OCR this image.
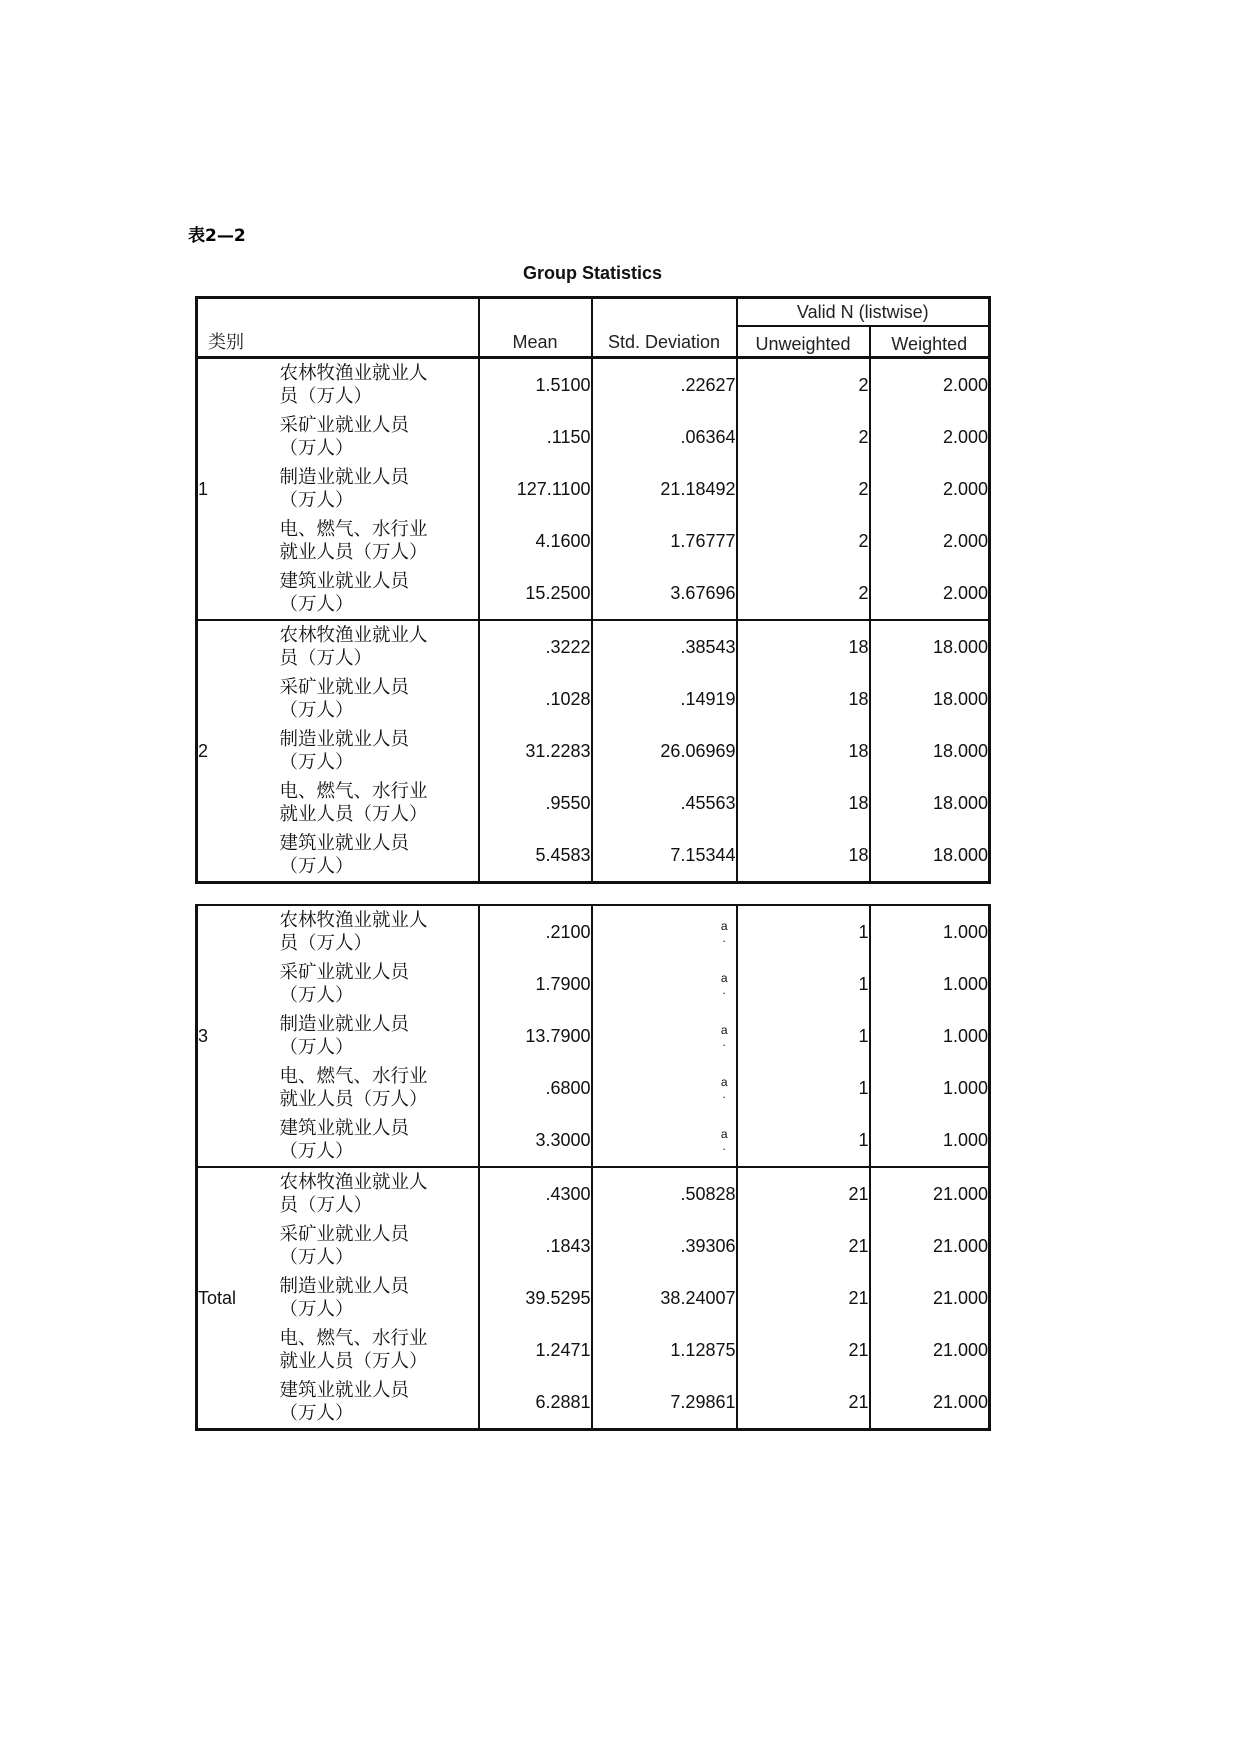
表2—2
Group Statistics
类别		Mean	Std. Deviation	Valid N (listwise)	
				Unweighted	Weighted
1	农林牧渔业就业人
员（万人）	1.5100	.22627	2	2.000

	采矿业就业人员
（万人）	.1150	.06364	2	2.000

	制造业就业人员
（万人）	127.1100	21.18492	2	2.000

	电、燃气、水行业
就业人员（万人）	4.1600	1.76777	2	2.000

	建筑业就业人员
（万人）	15.2500	3.67696	2	2.000
2	农林牧渔业就业人
员（万人）	.3222	.38543	18	18.000

	采矿业就业人员
（万人）	.1028	.14919	18	18.000

	制造业就业人员
（万人）	31.2283	26.06969	18	18.000

	电、燃气、水行业
就业人员（万人）	.9550	.45563	18	18.000

	建筑业就业人员
（万人）	5.4583	7.15344	18	18.000
3	农林牧渔业就业人
员（万人）	.2100	a
.	1	1.000

	采矿业就业人员
（万人）	1.7900	a
.	1	1.000

	制造业就业人员
（万人）	13.7900	a
.	1	1.000

	电、燃气、水行业
就业人员（万人）	.6800	a
.	1	1.000

	建筑业就业人员
（万人）	3.3000	a
.	1	1.000
Total	农林牧渔业就业人
员（万人）	.4300	.50828	21	21.000

	采矿业就业人员
（万人）	.1843	.39306	21	21.000

	制造业就业人员
（万人）	39.5295	38.24007	21	21.000

	电、燃气、水行业
就业人员（万人）	1.2471	1.12875	21	21.000

	建筑业就业人员
（万人）	6.2881	7.29861	21	21.000
